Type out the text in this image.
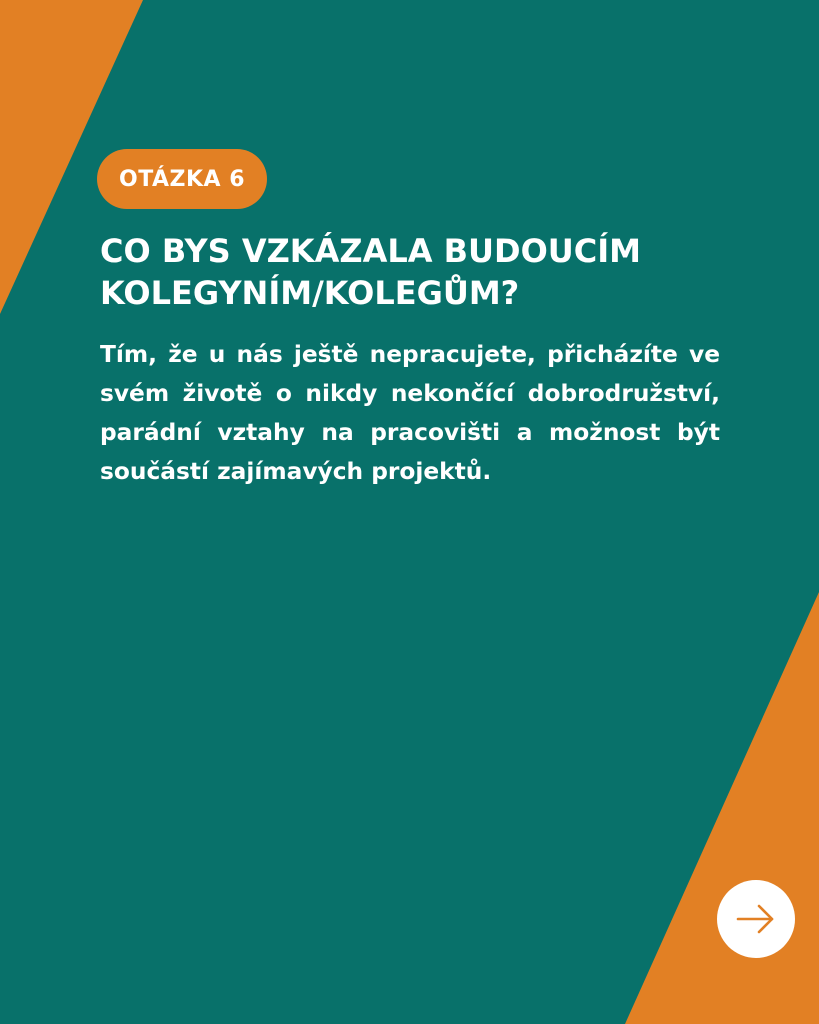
OTÁZKA 6
CO BYS VZKÁZALA BUDOUCÍM
KOLEGYNÍM/KOLEGŮM?

Tím, že u nás ještě nepracujete, přicházíte ve svém životě o nikdy nekončící dobrodružství, parádní vztahy na pracovišti a možnost být součástí zajímavých projektů.
